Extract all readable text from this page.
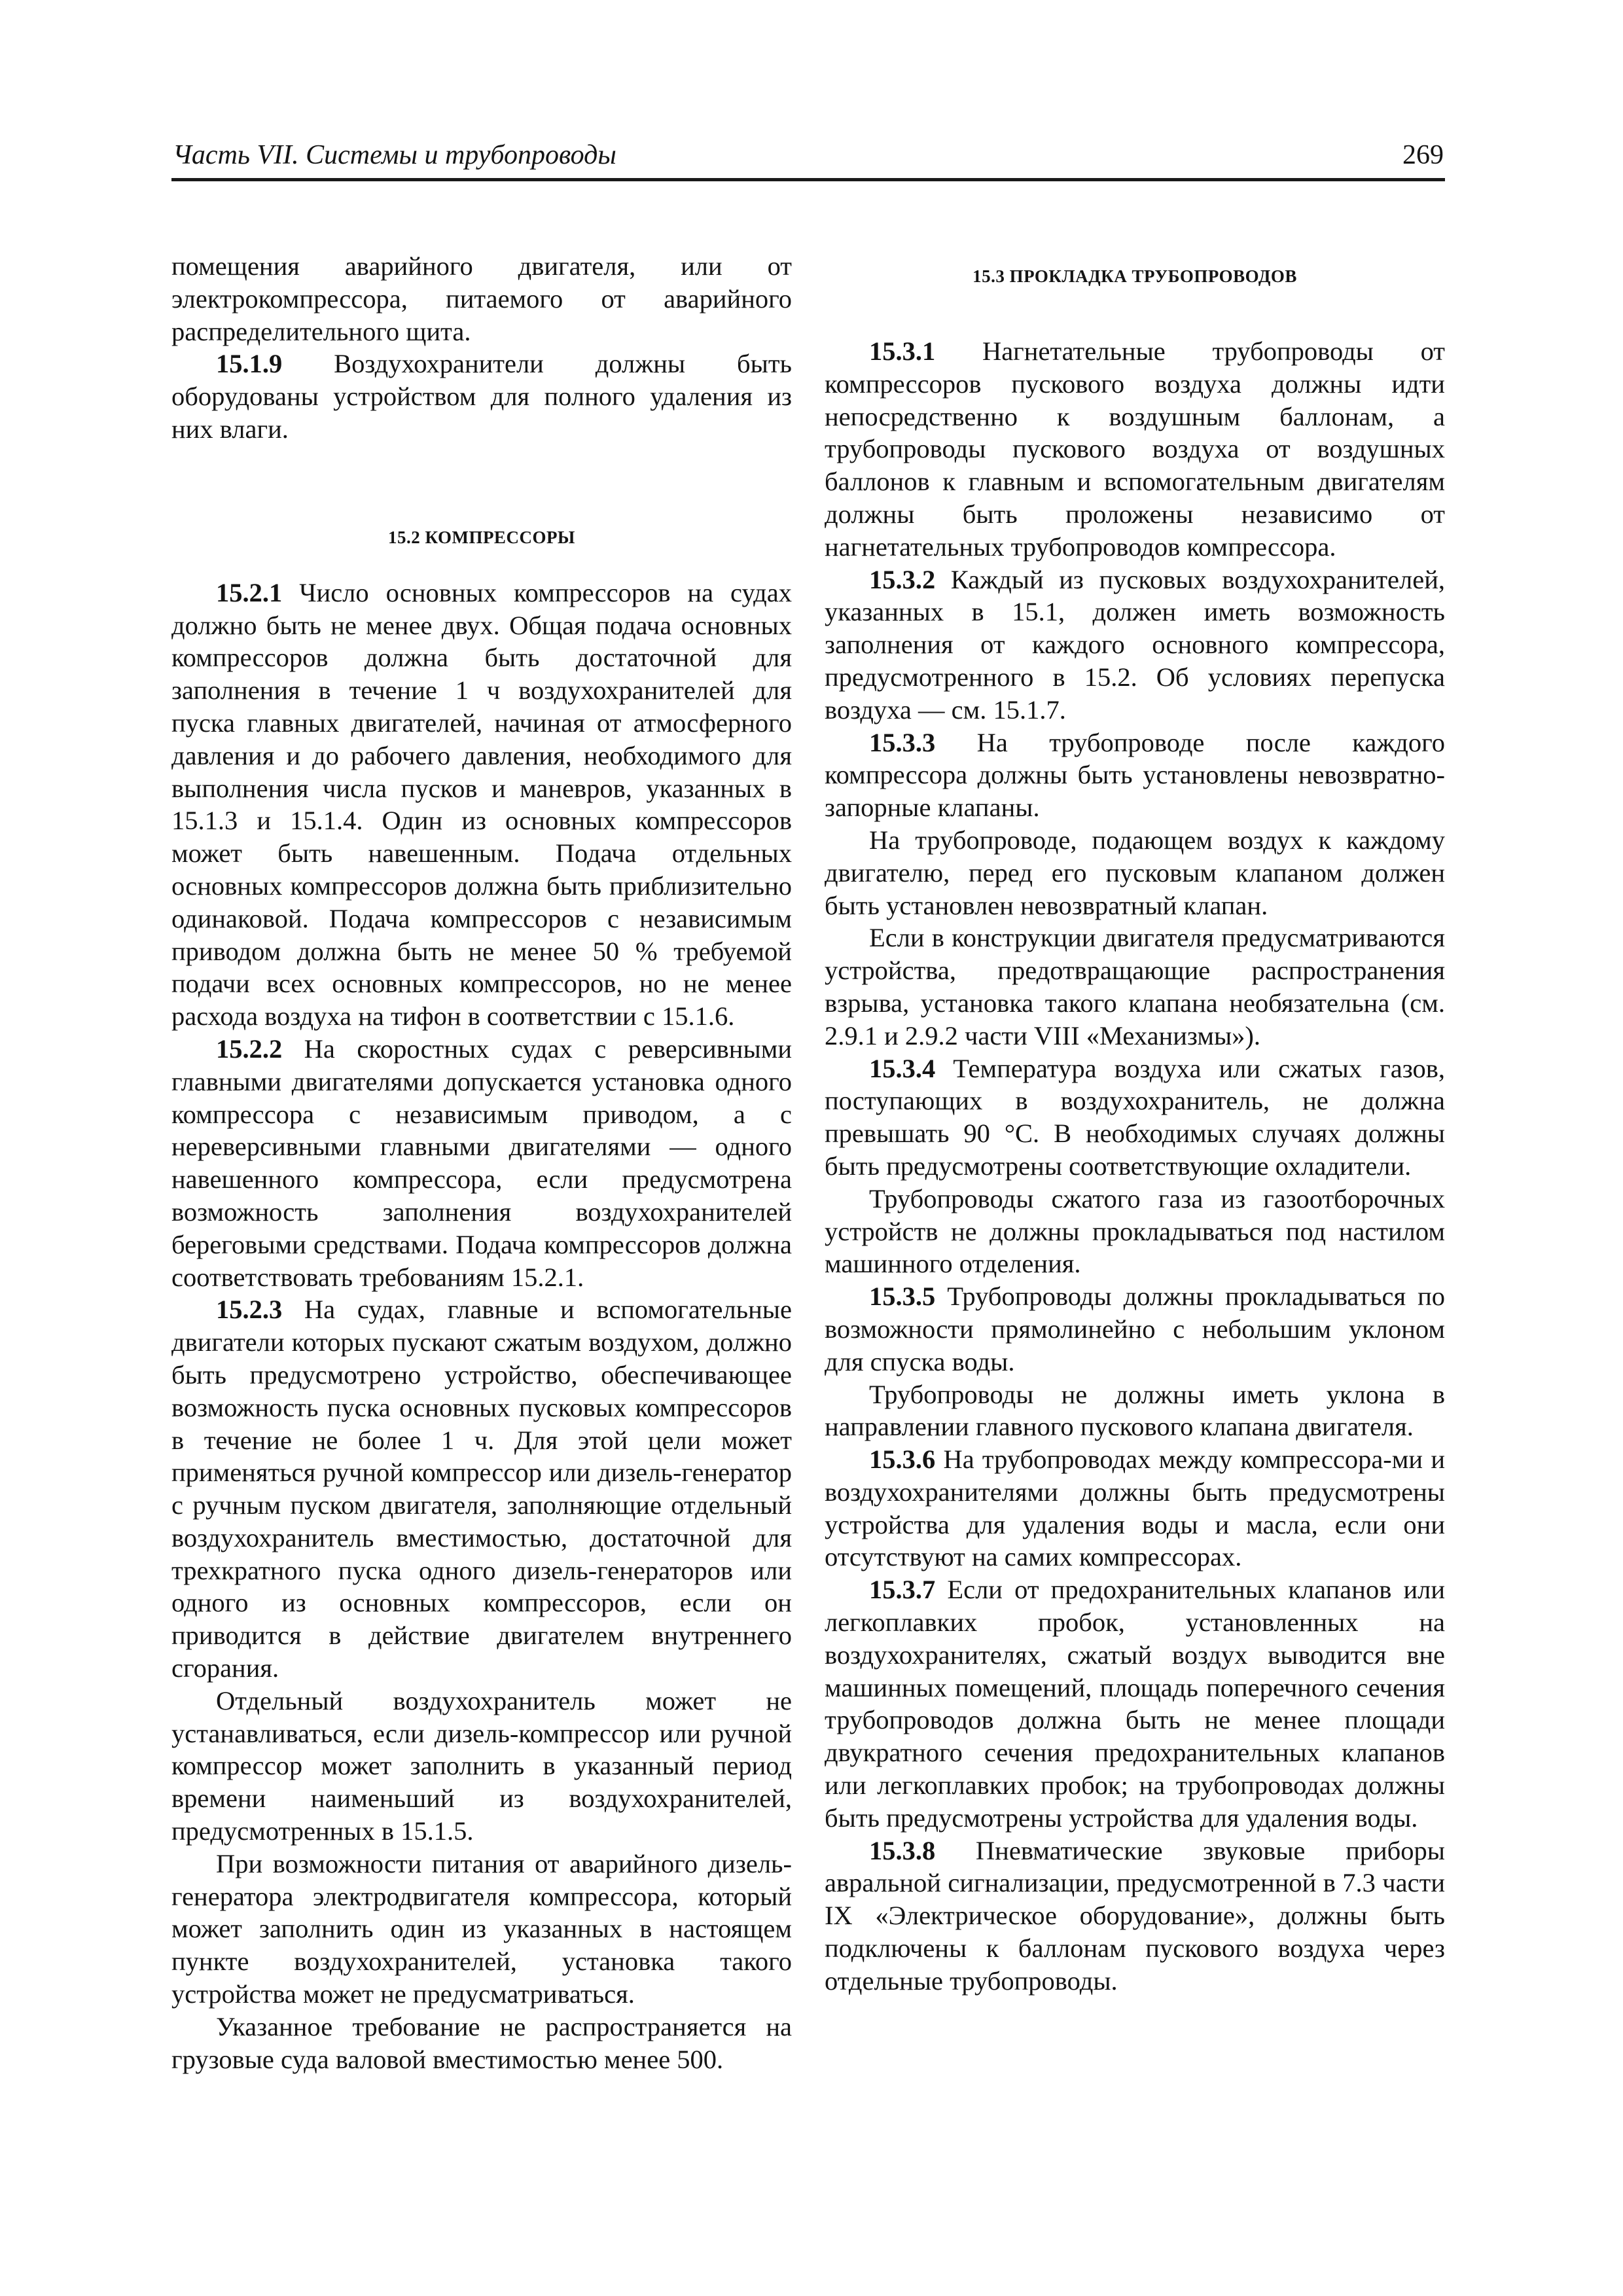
Часть VII. Системы и трубопроводы	269

помещения аварийного двигателя, или от электрокомпрессора, питаемого от аварийного распределительного щита.

15.1.9 Воздухохранители должны быть оборудованы устройством для полного удаления из них влаги.

15.2 КОМПРЕССОРЫ

15.2.1 Число основных компрессоров на судах должно быть не менее двух. Общая подача основных компрессоров должна быть достаточной для заполнения в течение 1 ч воздухохранителей для пуска главных двигателей, начиная от атмосферного давления и до рабочего давления, необходимого для выполнения числа пусков и маневров, указанных в 15.1.3 и 15.1.4. Один из основных компрессоров может быть навешенным. Подача отдельных основных компрессоров должна быть приблизительно одинаковой. Подача компрессоров с независимым приводом должна быть не менее 50 % требуемой подачи всех основных компрессоров, но не менее расхода воздуха на тифон в соответствии с 15.1.6.

15.2.2 На скоростных судах с реверсивными главными двигателями допускается установка одного компрессора с независимым приводом, а с нереверсивными главными двигателями — одного навешенного компрессора, если предусмотрена возможность заполнения воздухохранителей береговыми средствами. Подача компрессоров должна соответствовать требованиям 15.2.1.

15.2.3 На судах, главные и вспомогательные двигатели которых пускают сжатым воздухом, должно быть предусмотрено устройство, обеспечивающее возможность пуска основных пусковых компрессоров в течение не более 1 ч. Для этой цели может применяться ручной компрессор или дизель-генератор с ручным пуском двигателя, заполняющие отдельный воздухохранитель вместимостью, достаточной для трехкратного пуска одного дизель-генераторов или одного из основных компрессоров, если он приводится в действие двигателем внутреннего сгорания.

Отдельный воздухохранитель может не устанавливаться, если дизель-компрессор или ручной компрессор может заполнить в указанный период времени наименьший из воздухохранителей, предусмотренных в 15.1.5.

При возможности питания от аварийного дизель-генератора электродвигателя компрессора, который может заполнить один из указанных в настоящем пункте воздухохранителей, установка такого устройства может не предусматриваться.

Указанное требование не распространяется на грузовые суда валовой вместимостью менее 500.

15.3 ПРОКЛАДКА ТРУБОПРОВОДОВ

15.3.1 Нагнетательные трубопроводы от компрессоров пускового воздуха должны идти непосредственно к воздушным баллонам, а трубопроводы пускового воздуха от воздушных баллонов к главным и вспомогательным двигателям должны быть проложены независимо от нагнетательных трубопроводов компрессора.

15.3.2 Каждый из пусковых воздухохранителей, указанных в 15.1, должен иметь возможность заполнения от каждого основного компрессора, предусмотренного в 15.2. Об условиях перепуска воздуха — см. 15.1.7.

15.3.3 На трубопроводе после каждого компрессора должны быть установлены невозвратно-запорные клапаны.

На трубопроводе, подающем воздух к каждому двигателю, перед его пусковым клапаном должен быть установлен невозвратный клапан.

Если в конструкции двигателя предусматриваются устройства, предотвращающие распространения взрыва, установка такого клапана необязательна (см. 2.9.1 и 2.9.2 части VIII «Механизмы»).

15.3.4 Температура воздуха или сжатых газов, поступающих в воздухохранитель, не должна превышать 90 °С. В необходимых случаях должны быть предусмотрены соответствующие охладители.

Трубопроводы сжатого газа из газоотборочных устройств не должны прокладываться под настилом машинного отделения.

15.3.5 Трубопроводы должны прокладываться по возможности прямолинейно с небольшим уклоном для спуска воды.

Трубопроводы не должны иметь уклона в направлении главного пускового клапана двигателя.

15.3.6 На трубопроводах между компрессора-ми и воздухохранителями должны быть предусмотрены устройства для удаления воды и масла, если они отсутствуют на самих компрессорах.

15.3.7 Если от предохранительных клапанов или легкоплавких пробок, установленных на воздухохранителях, сжатый воздух выводится вне машинных помещений, площадь поперечного сечения трубопроводов должна быть не менее площади двукратного сечения предохранительных клапанов или легкоплавких пробок; на трубопроводах должны быть предусмотрены устройства для удаления воды.

15.3.8 Пневматические звуковые приборы авральной сигнализации, предусмотренной в 7.3 части IX «Электрическое оборудование», должны быть подключены к баллонам пускового воздуха через отдельные трубопроводы.
